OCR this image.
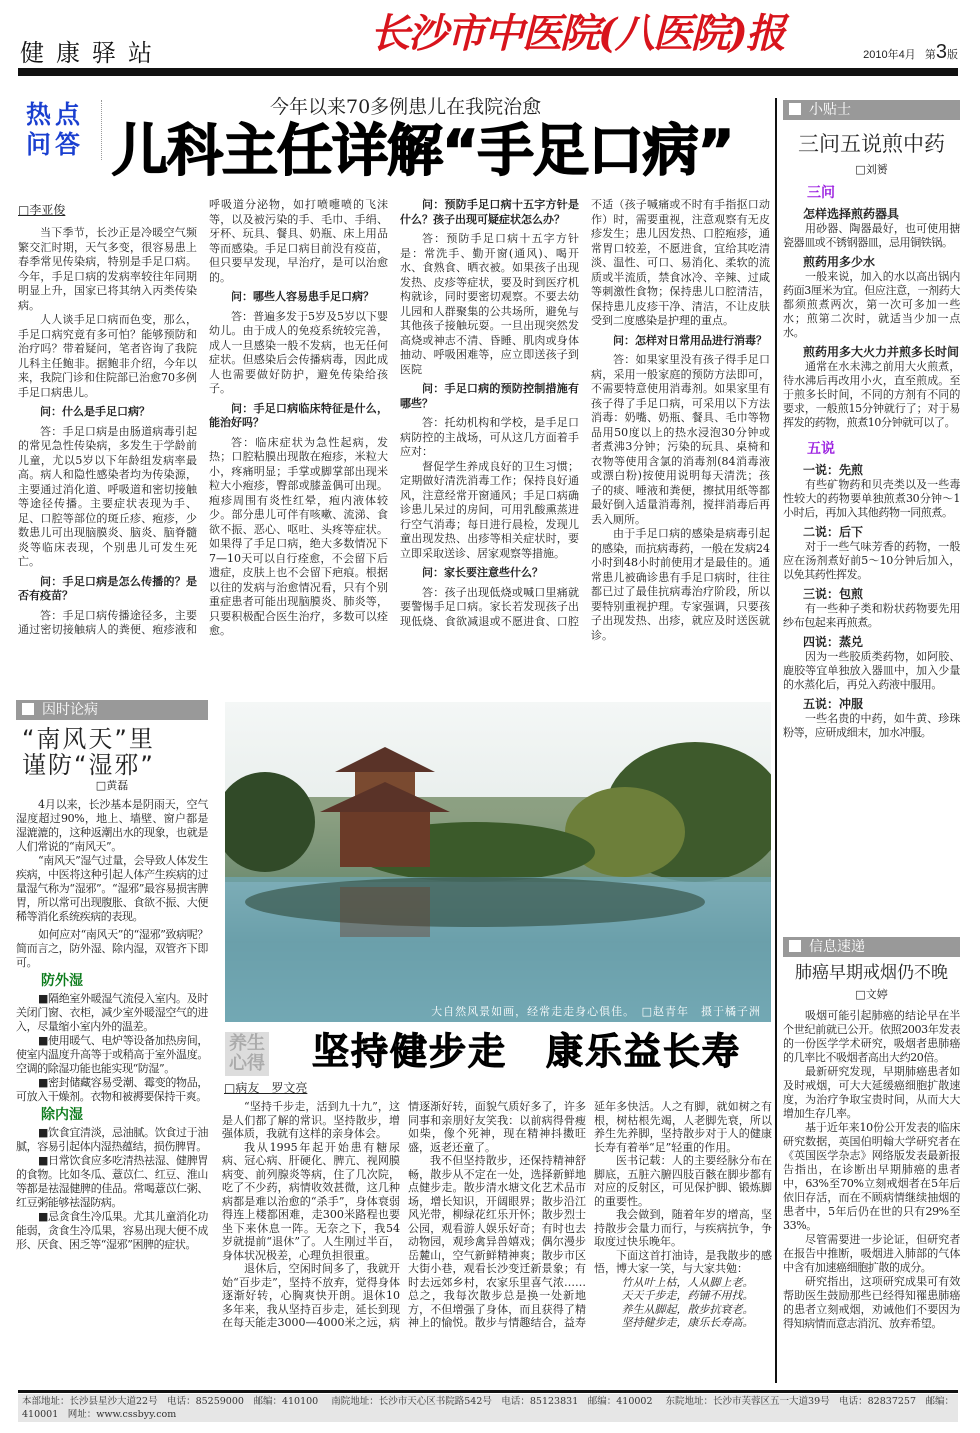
健康驿站	长沙市中医院(八医院)报	2010年4月 第3版
热点
问答
今年以来70多例患儿在我院治愈
儿科主任详解“手足口病”
□李亚俊

当下季节，长沙正是冷暖空气频繁交汇时期，天气多变，很容易患上春季常见传染病，特别是手足口病。今年，手足口病的发病率较往年同期明显上升，国家已将其纳入丙类传染病。

人人谈手足口病而色变，那么，手足口病究竟有多可怕？能够预防和治疗吗？带着疑问，笔者咨询了我院儿科主任鲍非。据鲍非介绍，今年以来，我院门诊和住院部已治愈70多例手足口病患儿。

问：什么是手足口病？

答：手足口病是由肠道病毒引起的常见急性传染病，多发生于学龄前儿童，尤以5岁以下年龄组发病率最高。病人和隐性感染者均为传染源，主要通过消化道、呼吸道和密切接触等途径传播。主要症状表现为手、足、口腔等部位的斑丘疹、疱疹，少数患儿可出现脑膜炎、脑炎、脑脊髓炎等临床表现，个别患儿可发生死亡。

问：手足口病是怎么传播的？是否有疫苗？

答：手足口病传播途径多，主要通过密切接触病人的粪便、疱疹液和呼吸道分泌物，如打喷嚏喷的飞沫等，以及被污染的手、毛巾、手绢、牙杯、玩具、餐具、奶瓶、床上用品等而感染。手足口病目前没有疫苗，但只要早发现，早治疗，是可以治愈的。

问：哪些人容易患手足口病？

答：普遍多发于5岁及5岁以下婴幼儿。由于成人的免疫系统较完善，成人一旦感染一般不发病，也无任何症状。但感染后会传播病毒，因此成人也需要做好防护，避免传染给孩子。

问：手足口病临床特征是什么，能治好吗？

答：临床症状为急性起病，发热；口腔粘膜出现散在疱疹，米粒大小，疼痛明显；手掌或脚掌部出现米粒大小疱疹，臀部或膝盖偶可出现。疱疹周围有炎性红晕，疱内液体较少。部分患儿可伴有咳嗽、流涕、食欲不振、恶心、呕吐、头疼等症状。如果得了手足口病，绝大多数情况下7—10天可以自行痊愈，不会留下后遗症，皮肤上也不会留下疤痕。根据以往的发病与治愈情况看，只有个别重症患者可能出现脑膜炎、肺炎等，只要积极配合医生治疗，多数可以痊愈。

问：预防手足口病十五字方针是什么？孩子出现可疑症状怎么办？

答：预防手足口病十五字方针是：常洗手、勤开窗(通风)、喝开水、食熟食、晒衣被。如果孩子出现发热、皮疹等症状，要及时到医疗机构就诊，同时要密切观察。不要去幼儿园和人群聚集的公共场所，避免与其他孩子接触玩耍。一旦出现突然发高烧或神志不清、昏睡、肌肉或身体抽动、呼吸困难等，应立即送孩子到医院

问：手足口病的预防控制措施有哪些？

答：托幼机构和学校，是手足口病防控的主战场，可从这几方面着手应对：

督促学生养成良好的卫生习惯；定期做好清洗消毒工作；保持良好通风，注意经常开窗通风；手足口病确诊患儿呆过的房间，可用乳酸熏蒸进行空气消毒；每日进行晨检，发现儿童出现发热、出疹等相关症状时，要立即采取送诊、居家观察等措施。

问：家长要注意些什么？

答：孩子出现低烧或喊口里痛就要警惕手足口病。家长若发现孩子出现低烧、食欲减退或不愿进食、口腔不适（孩子喊痛或不时有手指抠口动作）时，需要重视，注意观察有无皮疹发生；患儿因发热、口腔疱疹，通常胃口较差，不愿进食，宜给其吃清淡、温性、可口、易消化、柔软的流质或半流质，禁食冰冷、辛辣、过咸等刺激性食物；保持患儿口腔清洁，保持患儿皮疹干净、清洁，不让皮肤受到二度感染是护理的重点。

问：怎样对日常用品进行消毒？

答：如果家里没有孩子得手足口病，采用一般家庭的预防方法即可，不需要特意使用消毒剂。如果家里有孩子得了手足口病，可采用以下方法消毒：奶嘴、奶瓶、餐具、毛巾等物品用50度以上的热水浸泡30分钟或者煮沸3分钟；污染的玩具、桌椅和衣物等使用含氯的消毒剂(84消毒液或漂白粉)按使用说明每天清洗；孩子的痰、唾液和粪便，擦拭用纸等都最好倒入适量消毒剂，搅拌消毒后再丢入厕所。

由于手足口病的感染是病毒引起的感染，而抗病毒药，一般在发病24小时到48小时前使用才是最佳的。通常患儿被确诊患有手足口病时，往往都已过了最佳抗病毒治疗阶段，所以要特别重视护理。专家强调，只要孩子出现发热、出疹，就应及时送医就诊。

小贴士
三问五说煎中药
□刘赟
三问
怎样选择煎药器具
用砂器、陶器最好，也可使用搪瓷器皿或不锈钢器皿，忌用铜铁锅。
煎药用多少水
一般来说，加入的水以高出锅内药面3厘米为宜。但应注意，一剂药大都须煎煮两次，第一次可多加一些水；煎第二次时，就适当少加一点水。
煎药用多大火力并煎多长时间
通常在水未沸之前用大火煎煮，待水沸后再改用小火，直至煎成。至于煎多长时间，不同的方剂有不同的要求，一般煎15分钟就行了；对于易挥发的药物，煎煮10分钟就可以了。
五说
一说：先煎
有些矿物药和贝壳类以及一些毒性较大的药物要单独煎煮30分钟～1小时后，再加入其他药物一同煎煮。
二说：后下
对于一些气味芳香的药物，一般应在汤剂煮好前5～10分钟后加入，以免其药性挥发。
三说：包煎
有一些种子类和粉状药物要先用纱布包起来再煎煮。
四说：蒸兑
因为一些胶质类药物，如阿胶、鹿胶等宜单独放入器皿中，加入少量的水蒸化后，再兑入药液中服用。
五说：冲服
一些名贵的中药，如牛黄、珍珠粉等，应研成细末，加水冲服。
信息速递
肺癌早期戒烟仍不晚
□文婷
吸烟可能引起肺癌的结论早在半个世纪前就已公开。依照2003年发表的一份医学学术研究，吸烟者患肺癌的几率比不吸烟者高出大约20倍。
最新研究发现，早期肺癌患者如及时戒烟，可大大延缓癌细胞扩散速度，为治疗争取宝贵时间，从而大大增加生存几率。
基于近年来10份公开发表的临床研究数据，英国伯明翰大学研究者在《英国医学杂志》网络版发表最新报告指出，在诊断出早期肺癌的患者中，63%至70%立刻戒烟者在5年后依旧存活，而在不顾病情继续抽烟的患者中，5年后仍在世的只有29%至33%。
尽管需要进一步论证，但研究者在报告中推断，吸烟进入肺部的气体中含有加速癌细胞扩散的成分。
研究指出，这项研究成果可有效帮助医生鼓励那些已经得知罹患肺癌的患者立刻戒烟，劝诫他们不要因为得知病情而意志消沉、放弃希望。
因时论病
“南风天”里
谨防“湿邪”
□黄磊
4月以来，长沙基本是阴雨天，空气湿度超过90%，地上、墙壁、窗户都是湿漉漉的，这种返潮出水的现象，也就是人们常说的“南风天”。
“南风天”湿气过量，会导致人体发生疾病，中医将这种引起人体产生疾病的过量湿气称为“湿邪”。“湿邪”最容易损害脾胃，所以常可出现腹胀、食欲不振、大便稀等消化系统疾病的表现。
如何应对“南风天”的“湿邪”致病呢？简而言之，防外湿、除内湿，双管齐下即可。
防外湿
■隔绝室外暖湿气流侵入室内。及时关闭门窗、衣柜，减少室外暖湿空气的进入，尽量缩小室内外的温差。
■使用暖气、电炉等设备加热房间，使室内温度升高等于或稍高于室外温度。空调的除湿功能也能实现“防湿”。
■密封储藏容易受潮、霉变的物品，可放入干燥剂。衣物和被褥要保持干爽。
除内湿
■饮食宜清淡，忌油腻。饮食过于油腻，容易引起体内湿热蕴结，损伤脾胃。
■日常饮食应多吃清热祛湿、健脾胃的食物。比如冬瓜、薏苡仁、红豆、淮山等都是祛湿健脾的佳品。常喝薏苡仁粥、红豆粥能够祛湿防病。
■忌贪食生冷瓜果。尤其儿童消化功能弱，贪食生冷瓜果，容易出现大便不成形、厌食、困乏等“湿邪”困脾的症状。
大自然风景如画，经常走走身心俱佳。　□赵青年　摄于橘子洲
养生心得 坚持健步走　康乐益长寿
□病友　罗文亮

“坚持千步走，活到九十九”，这是人们都了解的常识。坚持散步，增强体质，我就有这样的亲身体会。

我从1995年起开始患有糖尿病、冠心病、肝硬化、脾亢、视网膜病变、前列腺炎等病，住了几次院，吃了不少药，病情收效甚微，这几种病都是难以治愈的“杀手”，身体衰弱得连上楼都困难，走300米路程也要坐下来休息一阵。无奈之下，我54岁就提前“退休”了。人生刚过半百，身体状况极差，心理负担很重。

退休后，空闲时间多了，我就开始“百步走”，坚持不放弃，觉得身体逐渐好转，心胸爽快开朗。退休10多年来，我从坚持百步走，延长到现在每天能走3000—4000米之远，病情逐渐好转，面貌气质好多了，许多同事和亲朋好友笑我：以前病得骨瘦如柴，像个死神，现在精神抖擞旺盛，返老还童了。

我不但坚持散步，还保持精神舒畅，散步从不定在一处，选择新鲜地点健步走。散步清水塘文化艺术品市场，增长知识，开阔眼界；散步沿江风光带，柳绿花红乐开怀；散步烈士公园，观看游人娱乐好奇；有时也去动物园，观珍禽异兽嬉戏；偶尔漫步岳麓山，空气新鲜精神爽；散步市区大街小巷，观看长沙变迁新景象；有时去远郊乡村，农家乐里喜气浓……总之，我每次散步总是换一处新地方，不但增强了身体，而且获得了精神上的愉悦。散步与情趣结合，益寿延年多快活。人之有脚，就如树之有根，树枯根先竭，人老脚先衰，所以养生先养脚，坚持散步对于人的健康长寿有着举“足”轻重的作用。

医书记载：人的主要经脉分布在脚底，五脏六腑四肢百骸在脚步都有对应的反射区，可见保护脚、锻炼脚的重要性。

我会做到，随着年岁的增高，坚持散步会量力而行，与疾病抗争，争取度过快乐晚年。

下面这首打油诗，是我散步的感悟，博大家一笑，与大家共勉：

竹从叶上枯，人从脚上老。

天天千步走，药铺不用找。

养生从脚起，散步抗衰老。

坚持健步走，康乐长寿高。

本部地址：长沙县星沙大道22号　电话：85259000　邮编：410100 南院地址：长沙市天心区书院路542号　电话：85123831　邮编：410002 东院地址：长沙市芙蓉区五一大道39号　电话：82837257　邮编：410001　网址：www.cssbyy.com
